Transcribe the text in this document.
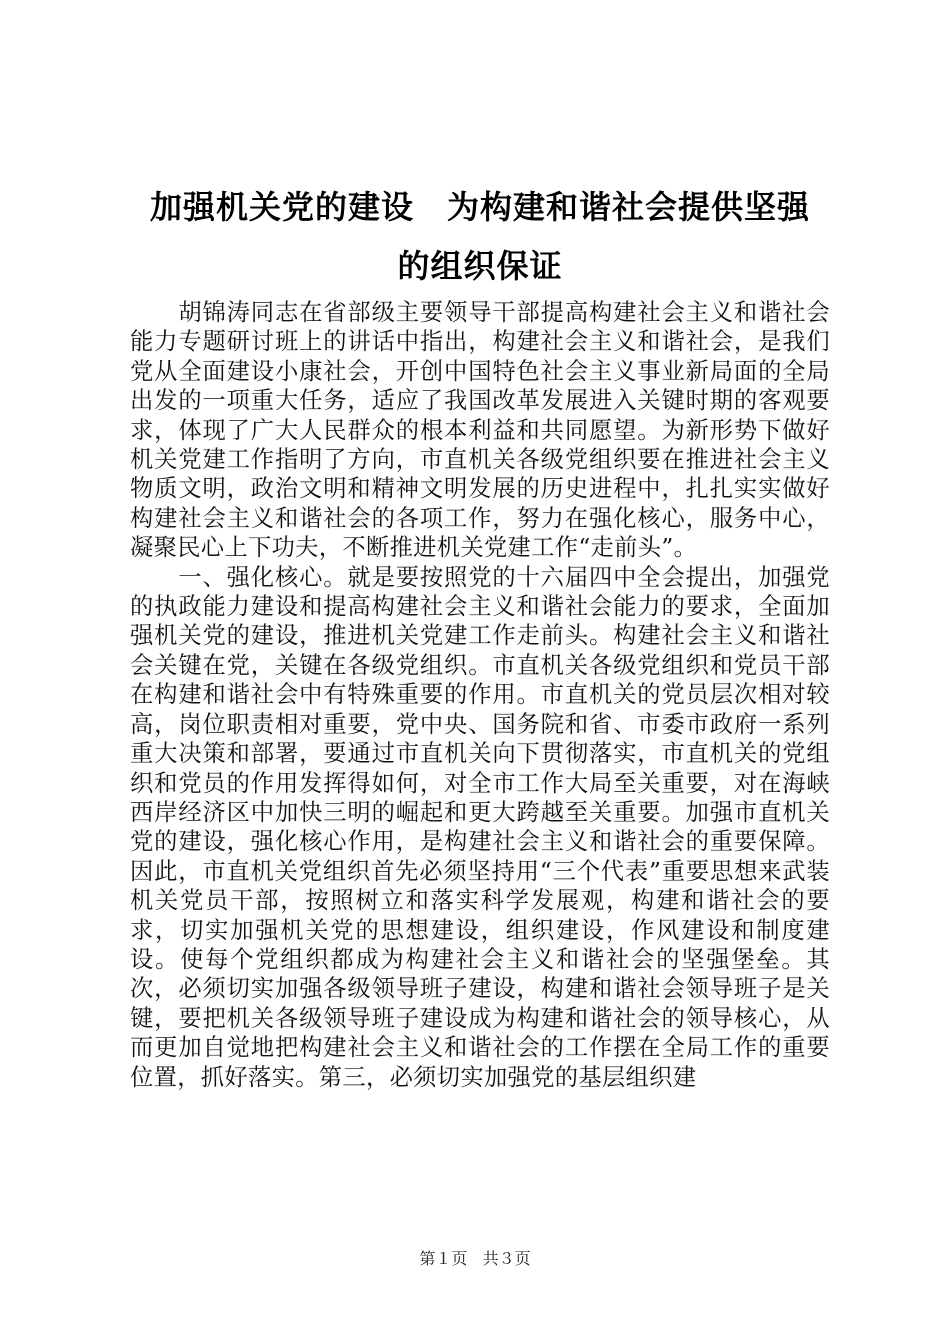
加强机关党的建设　为构建和谐社会提供坚强
的组织保证

　　胡锦涛同志在省部级主要领导干部提高构建社会主义和谐社会能力专题研讨班上的讲话中指出，构建社会主义和谐社会，是我们党从全面建设小康社会，开创中国特色社会主义事业新局面的全局出发的一项重大任务，适应了我国改革发展进入关键时期的客观要求，体现了广大人民群众的根本利益和共同愿望。为新形势下做好机关党建工作指明了方向，市直机关各级党组织要在推进社会主义物质文明，政治文明和精神文明发展的历史进程中，扎扎实实做好构建社会主义和谐社会的各项工作，努力在强化核心，服务中心，凝聚民心上下功夫，不断推进机关党建工作“走前头”。

　　一、强化核心。就是要按照党的十六届四中全会提出，加强党的执政能力建设和提高构建社会主义和谐社会能力的要求，全面加强机关党的建设，推进机关党建工作走前头。构建社会主义和谐社会关键在党，关键在各级党组织。市直机关各级党组织和党员干部在构建和谐社会中有特殊重要的作用。市直机关的党员层次相对较高，岗位职责相对重要，党中央、国务院和省、市委市政府一系列重大决策和部署，要通过市直机关向下贯彻落实，市直机关的党组织和党员的作用发挥得如何，对全市工作大局至关重要，对在海峡西岸经济区中加快三明的崛起和更大跨越至关重要。加强市直机关党的建设，强化核心作用，是构建社会主义和谐社会的重要保障。因此，市直机关党组织首先必须坚持用“三个代表”重要思想来武装机关党员干部，按照树立和落实科学发展观，构建和谐社会的要求，切实加强机关党的思想建设，组织建设，作风建设和制度建设。使每个党组织都成为构建社会主义和谐社会的坚强堡垒。其次，必须切实加强各级领导班子建设，构建和谐社会领导班子是关键，要把机关各级领导班子建设成为构建和谐社会的领导核心，从而更加自觉地把构建社会主义和谐社会的工作摆在全局工作的重要位置，抓好落实。第三，必须切实加强党的基层组织建

第１页 共３页
